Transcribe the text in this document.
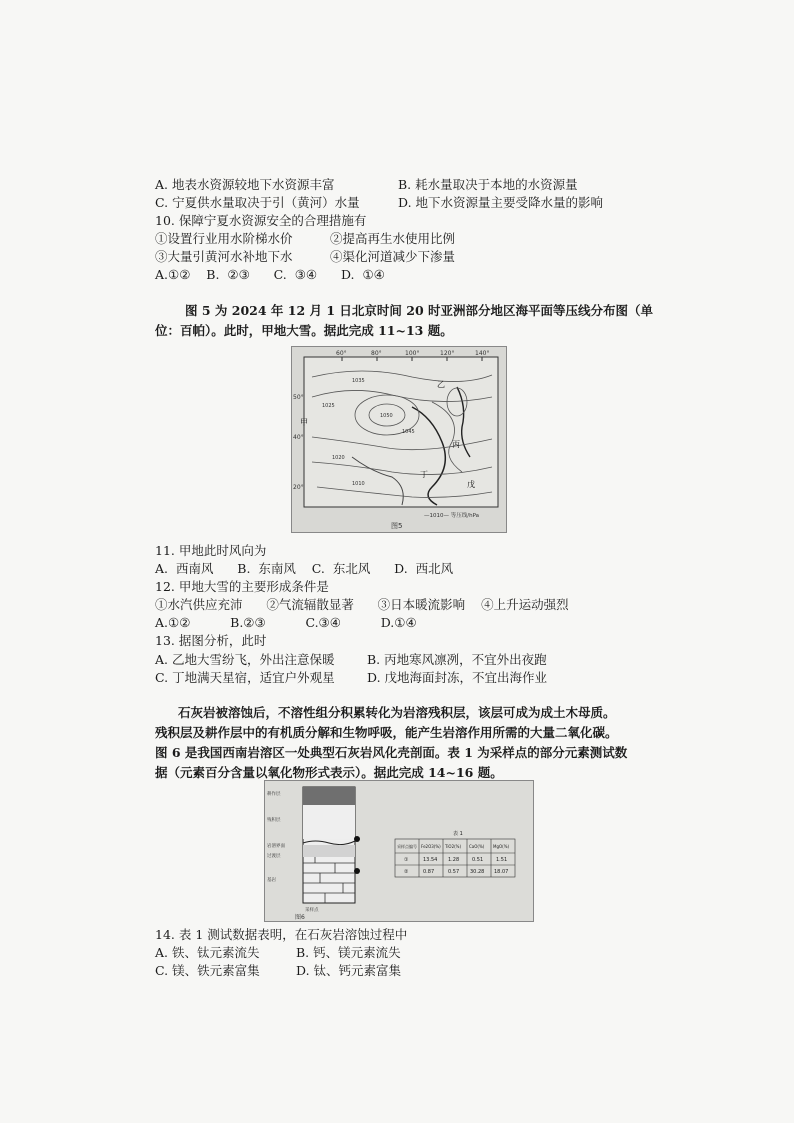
A. 地表水资源较地下水资源丰富	B. 耗水量取决于本地的水资源量
C. 宁夏供水量取决于引（黄河）水量	D. 地下水资源量主要受降水量的影响
10. 保障宁夏水资源安全的合理措施有
①设置行业用水阶梯水价	②提高再生水使用比例
③大量引黄河水补地下水	④渠化河道减少下渗量
A.①②    B.  ②③      C.  ③④      D.  ①④
图 5 为 2024 年 12 月 1 日北京时间 20 时亚洲部分地区海平面等压线分布图（单
位：百帕）。此时，甲地大雪。据此完成 11~13 题。
60°	80°	100°	120°	140°
50°
40°
20°
1035
1025
1050
1045
1020
1010
甲
乙
丙
丁
戊
—1010— 等压线/hPa
图5
11. 甲地此时风向为
A.  西南风      B.  东南风    C.  东北风      D.  西北风
12. 甲地大雪的主要形成条件是
①水汽供应充沛      ②气流辐散显著      ③日本暖流影响    ④上升运动强烈
A.①②          B.②③          C.③④          D.①④
13. 据图分析，此时
A. 乙地大雪纷飞，外出注意保暖	B. 丙地寒风凛冽，不宜外出夜跑
C. 丁地满天星宿，适宜户外观星	D. 戊地海面封冻，不宜出海作业
石灰岩被溶蚀后，不溶性组分积累转化为岩溶残积层，该层可成为成土木母质。
残积层及耕作层中的有机质分解和生物呼吸，能产生岩溶作用所需的大量二氧化碳。
图 6 是我国西南岩溶区一处典型石灰岩风化壳剖面。表 1 为采样点的部分元素测试数
据（元素百分含量以氧化物形式表示）。据此完成 14~16 题。
耕作层
残积层
岩溶界面
过渡层
基岩
采样点
图6
表 1
采样点编号 Fe2O3(%) TiO2(%) CaO(%) MgO(%)
①	13.54 1.28	0.51	1.51
②	0.87	0.57 30.28 18.07
14. 表 1 测试数据表明，在石灰岩溶蚀过程中
A. 铁、钛元素流失	B. 钙、镁元素流失
C. 镁、铁元素富集	D. 钛、钙元素富集
